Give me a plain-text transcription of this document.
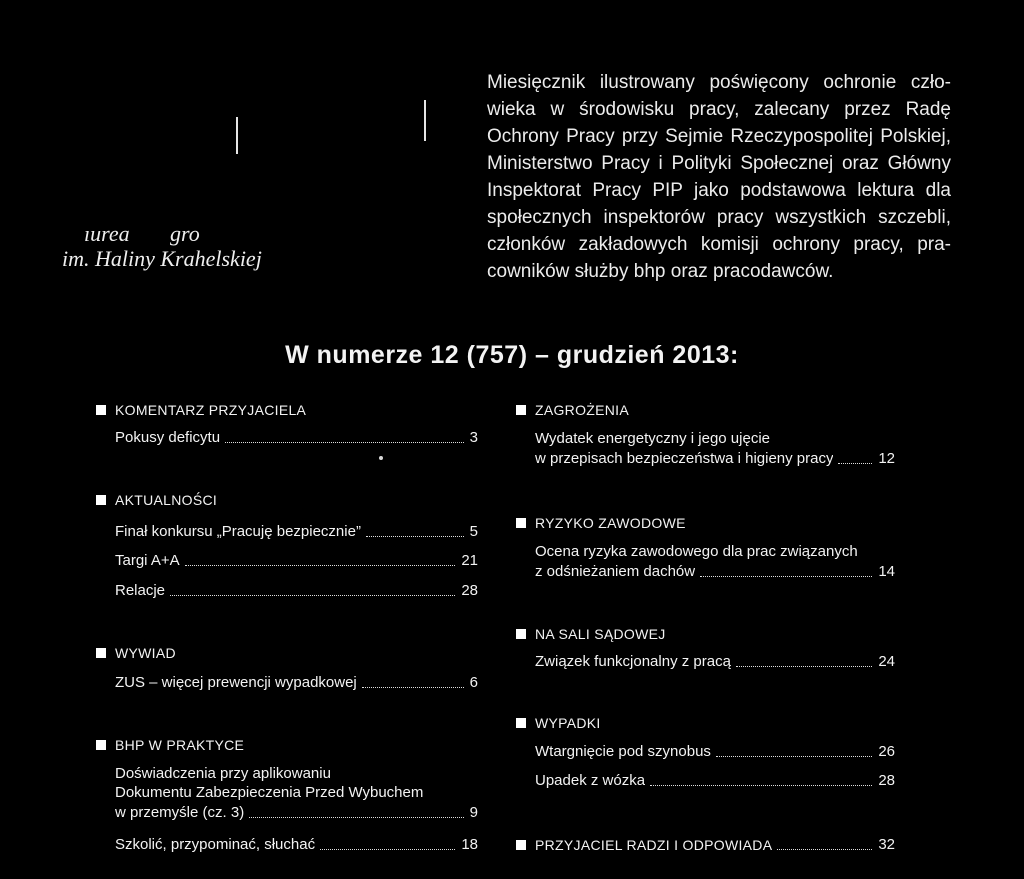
ıurea gro
im. Haliny Krahelskiej
Miesięcznik ilustrowany poświęcony ochronie czło-
wieka w środowisku pracy, zalecany przez Radę
Ochrony Pracy przy Sejmie Rzeczypospolitej Polskiej,
Ministerstwo Pracy i Polityki Społecznej oraz Główny
Inspektorat Pracy PIP jako podstawowa lektura dla
społecznych inspektorów pracy wszystkich szczebli,
członków zakładowych komisji ochrony pracy, pra-
cowników służby bhp oraz pracodawców.
W numerze 12 (757) – grudzień 2013:
KOMENTARZ PRZYJACIELA
Pokusy deficytu	3
AKTUALNOŚCI
Finał konkursu „Pracuję bezpiecznie”	5
Targi A+A	21
Relacje	28
WYWIAD
ZUS – więcej prewencji wypadkowej	6
BHP W PRAKTYCE
Doświadczenia przy aplikowaniu
Dokumentu Zabezpieczenia Przed Wybuchem
w przemyśle (cz. 3)	9
Szkolić, przypominać, słuchać	18
ZAGROŻENIA
Wydatek energetyczny i jego ujęcie
w przepisach bezpieczeństwa i higieny pracy	12
RYZYKO ZAWODOWE
Ocena ryzyka zawodowego dla prac związanych
z odśnieżaniem dachów	14
NA SALI SĄDOWEJ
Związek funkcjonalny z pracą	24
WYPADKI
Wtargnięcie pod szynobus	26
Upadek z wózka	28
PRZYJACIEL RADZI I ODPOWIADA	32
